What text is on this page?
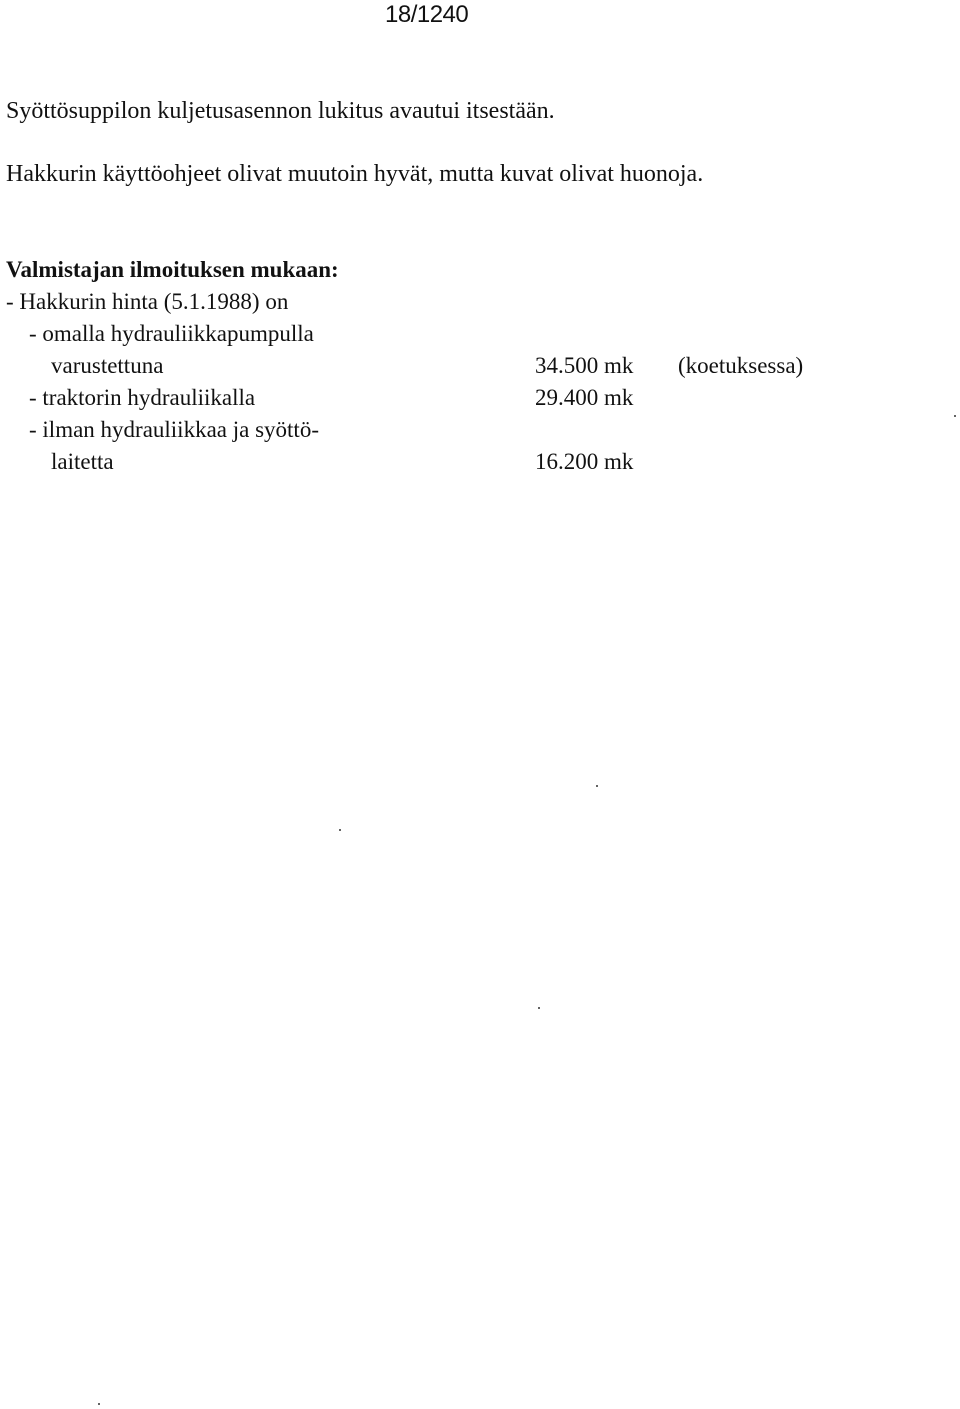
18/1240

Syöttösuppilon kuljetusasennon lukitus avautui itsestään.

Hakkurin käyttöohjeet olivat muutoin hyvät, mutta kuvat olivat huonoja.

Valmistajan ilmoituksen mukaan:
- Hakkurin hinta (5.1.1988) on
- omalla hydrauliikkapumpulla
varustettuna	34.500 mk (koetuksessa)
- traktorin hydrauliikalla	29.400 mk
- ilman hydrauliikkaa ja syöttö-
laitetta	16.200 mk
